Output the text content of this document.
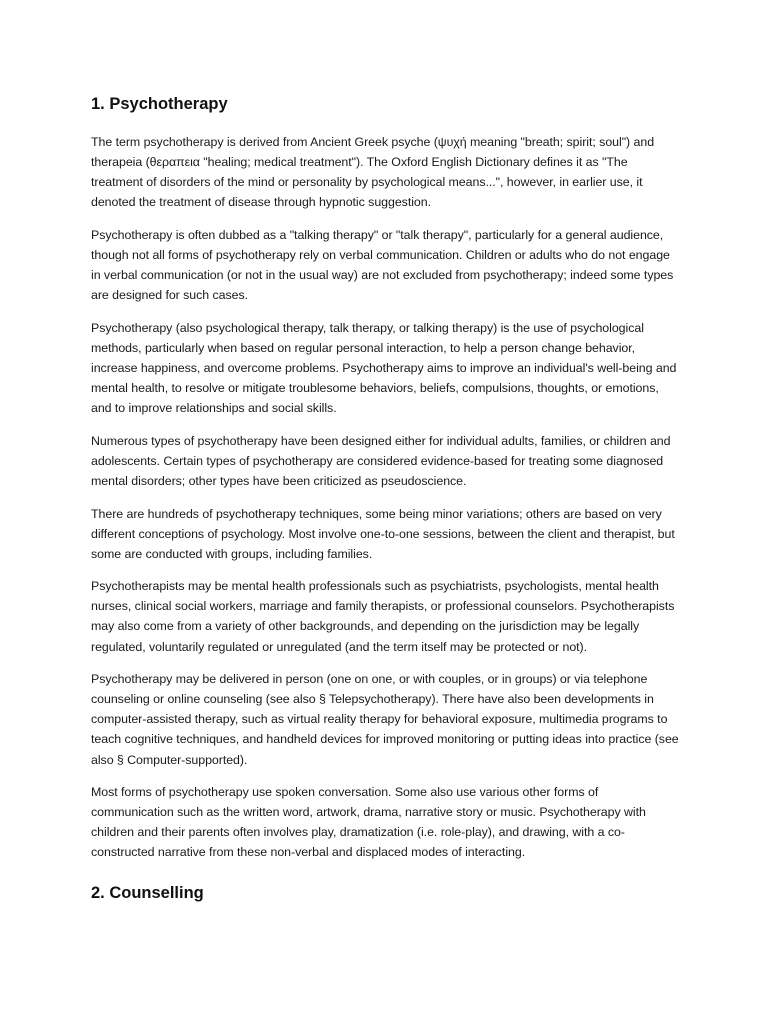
1. Psychotherapy

The term psychotherapy is derived from Ancient Greek psyche (ψυχή meaning "breath; spirit; soul") and therapeia (θεραπεια "healing; medical treatment"). The Oxford English Dictionary defines it as "The treatment of disorders of the mind or personality by psychological means...", however, in earlier use, it denoted the treatment of disease through hypnotic suggestion.

Psychotherapy is often dubbed as a "talking therapy" or "talk therapy", particularly for a general audience, though not all forms of psychotherapy rely on verbal communication. Children or adults who do not engage in verbal communication (or not in the usual way) are not excluded from psychotherapy; indeed some types are designed for such cases.

Psychotherapy (also psychological therapy, talk therapy, or talking therapy) is the use of psychological methods, particularly when based on regular personal interaction, to help a person change behavior, increase happiness, and overcome problems. Psychotherapy aims to improve an individual's well-being and mental health, to resolve or mitigate troublesome behaviors, beliefs, compulsions, thoughts, or emotions, and to improve relationships and social skills.

Numerous types of psychotherapy have been designed either for individual adults, families, or children and adolescents. Certain types of psychotherapy are considered evidence-based for treating some diagnosed mental disorders; other types have been criticized as pseudoscience.

There are hundreds of psychotherapy techniques, some being minor variations; others are based on very different conceptions of psychology. Most involve one-to-one sessions, between the client and therapist, but some are conducted with groups, including families.

Psychotherapists may be mental health professionals such as psychiatrists, psychologists, mental health nurses, clinical social workers, marriage and family therapists, or professional counselors. Psychotherapists may also come from a variety of other backgrounds, and depending on the jurisdiction may be legally regulated, voluntarily regulated or unregulated (and the term itself may be protected or not).

Psychotherapy may be delivered in person (one on one, or with couples, or in groups) or via telephone counseling or online counseling (see also § Telepsychotherapy). There have also been developments in computer-assisted therapy, such as virtual reality therapy for behavioral exposure, multimedia programs to teach cognitive techniques, and handheld devices for improved monitoring or putting ideas into practice (see also § Computer-supported).

Most forms of psychotherapy use spoken conversation. Some also use various other forms of communication such as the written word, artwork, drama, narrative story or music. Psychotherapy with children and their parents often involves play, dramatization (i.e. role-play), and drawing, with a co-constructed narrative from these non-verbal and displaced modes of interacting.

2. Counselling
